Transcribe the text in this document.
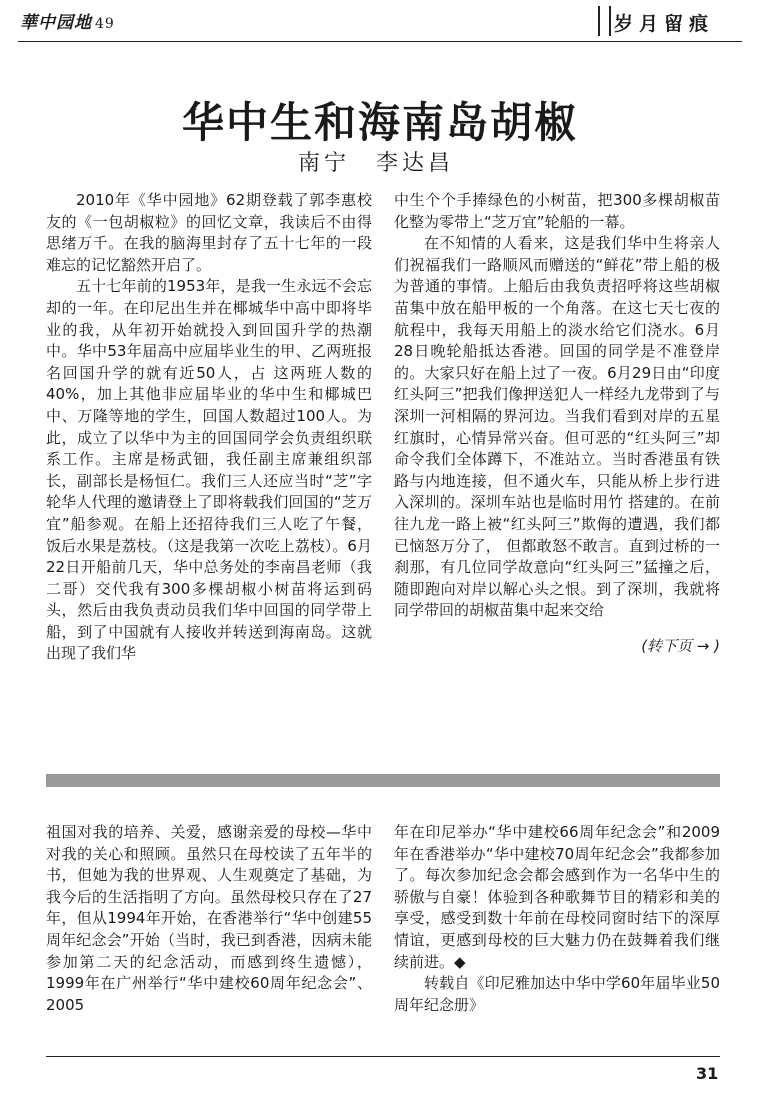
華中园地 49	岁月留痕
华中生和海南岛胡椒
南宁 李达昌

2010年《华中园地》62期登载了郭李惠校友的《一包胡椒粒》的回忆文章，我读后不由得思绪万千。在我的脑海里封存了五十七年的一段难忘的记忆豁然开启了。

五十七年前的1953年，是我一生永远不会忘却的一年。在印尼出生并在椰城华中高中即将毕业的我，从年初开始就投入到回国升学的热潮中。华中53年届高中应届毕业生的甲、乙两班报名回国升学的就有近50人，占 这两班人数的40%，加上其他非应届毕业的华中生和椰城巴中、万隆等地的学生，回国人数超过100人。为此，成立了以华中为主的回国同学会负责组织联系工作。主席是杨武钿，我任副主席兼组织部长，副部长是杨恒仁。我们三人还应当时“芝”字轮华人代理的邀请登上了即将载我们回国的“芝万宜”船参观。在船上还招待我们三人吃了午餐， 饭后水果是荔枝。（这是我第一次吃上荔枝）。6月22日开船前几天，华中总务处的李南昌老师（我二哥）交代我有300多棵胡椒小树苗将运到码头，然后由我负责动员我们华中回国的同学带上船，到了中国就有人接收并转送到海南岛。这就出现了我们华

中生个个手捧绿色的小树苗，把300多棵胡椒苗化整为零带上“芝万宜”轮船的一幕。

在不知情的人看来，这是我们华中生将亲人们祝福我们一路顺风而赠送的“鲜花”带上船的极为普通的事情。上船后由我负责招呼将这些胡椒苗集中放在船甲板的一个角落。在这七天七夜的航程中，我每天用船上的淡水给它们浇水。6月28日晚轮船抵达香港。回国的同学是不准登岸的。大家只好在船上过了一夜。6月29日由“印度红头阿三”把我们像押送犯人一样经九龙带到了与深圳一河相隔的界河边。当我们看到对岸的五星红旗时，心情异常兴奋。但可恶的“红头阿三”却命令我们全体蹲下，不准站立。当时香港虽有铁路与内地连接，但不通火车，只能从桥上步行进入深圳的。深圳车站也是临时用竹 搭建的。在前往九龙一路上被“红头阿三”欺侮的遭遇，我们都已恼怒万分了， 但都敢怒不敢言。直到过桥的一刹那，有几位同学故意向“红头阿三”猛撞之后，随即跑向对岸以解心头之恨。到了深圳，我就将同学带回的胡椒苗集中起来交给

(转下页 → )

祖国对我的培养、关爱，感谢亲爱的母校—华中对我的关心和照顾。虽然只在母校读了五年半的书，但她为我的世界观、人生观奠定了基础，为我今后的生活指明了方向。虽然母校只存在了27年，但从1994年开始，在香港举行“华中创建55周年纪念会”开始（当时，我已到香港，因病未能参加第二天的纪念活动，而感到终生遗憾），1999年在广州举行“华中建校60周年纪念会”、2005

年在印尼举办“华中建校66周年纪念会”和2009年在香港举办“华中建校70周年纪念会”我都参加了。每次参加纪念会都会感到作为一名华中生的骄傲与自豪！体验到各种歌舞节目的精彩和美的享受，感受到数十年前在母校同窗时结下的深厚情谊，更感到母校的巨大魅力仍在鼓舞着我们继续前进。◆

转载自《印尼雅加达中华中学60年届毕业50周年纪念册》

31
